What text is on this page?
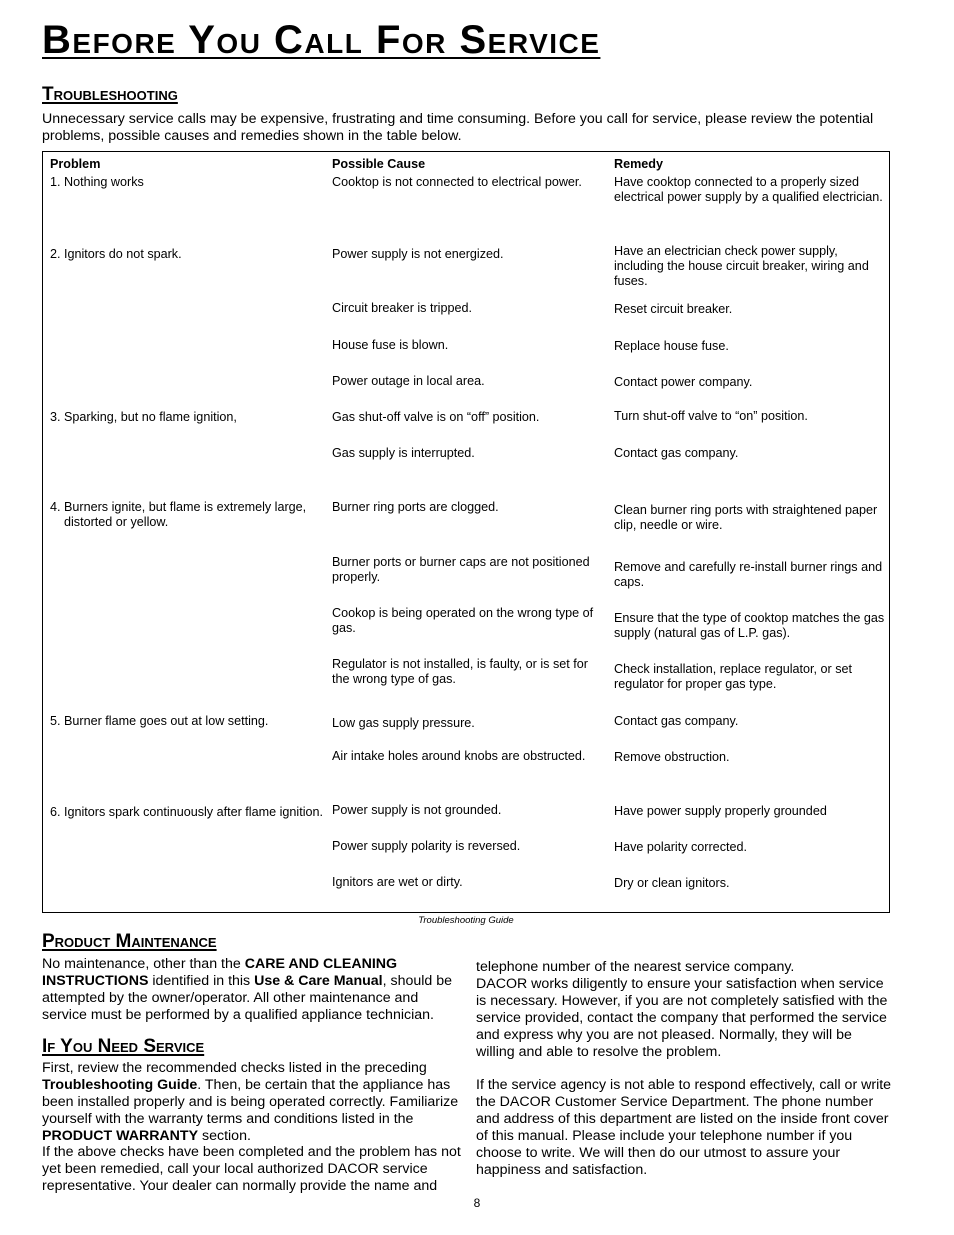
Before You Call For Service
Troubleshooting

Unnecessary service calls may be expensive, frustrating and time consuming. Before you call for service, please review the potential problems, possible causes and remedies shown in the table below.

Problem	Possible Cause	Remedy
1. Nothing works
2. Ignitors do not spark.
3. Sparking, but no flame ignition,
4. Burners ignite, but flame is extremely large, distorted or yellow.
5. Burner flame goes out at low setting.
6. Ignitors spark continuously after flame ignition.
Cooktop is not connected to electrical power.
Power supply is not energized.
Circuit breaker is tripped.
House fuse is blown.
Power outage in local area.
Gas shut-off valve is on “off” position.
Gas supply is interrupted.
Burner ring ports are clogged.
Burner ports or burner caps are not positioned properly.
Cookop is being operated on the wrong type of gas.
Regulator is not installed, is faulty, or is set for the wrong type of gas.
Low gas supply pressure.
Air intake holes around knobs are obstructed.
Power supply is not grounded.
Power supply polarity is reversed.
Ignitors are wet or dirty.
Have cooktop connected to a properly sized electrical power supply by a qualified electrician.
Have an electrician check power supply, including the house circuit breaker, wiring and fuses.
Reset circuit breaker.
Replace house fuse.
Contact power company.
Turn shut-off valve to “on” position.
Contact gas company.
Clean burner ring ports with straightened paper clip, needle or wire.
Remove and carefully re-install burner rings and caps.
Ensure that the type of cooktop matches the gas supply (natural gas of L.P. gas).
Check installation, replace regulator, or set regulator for proper gas type.
Contact gas company.
Remove obstruction.
Have power supply properly grounded
Have polarity corrected.
Dry or clean ignitors.
Troubleshooting Guide
Product Maintenance

No maintenance, other than the CARE AND CLEANING INSTRUCTIONS identified in this Use & Care Manual, should be attempted by the owner/operator. All other maintenance and service must be performed by a qualified appliance technician.

If You Need Service

First, review the recommended checks listed in the preceding Troubleshooting Guide. Then, be certain that the appliance has been installed properly and is being operated correctly. Familiarize yourself with the warranty terms and conditions listed in the PRODUCT WARRANTY section.

If the above checks have been completed and the problem has not yet been remedied, call your local authorized DACOR service representative. Your dealer can normally provide the name and

telephone number of the nearest service company.

DACOR works diligently to ensure your satisfaction when service is necessary. However, if you are not completely satisfied with the service provided, contact the company that performed the service and express why you are not pleased. Normally, they will be willing and able to resolve the problem.

If the service agency is not able to respond effectively, call or write the DACOR Customer Service Department. The phone number and address of this department are listed on the inside front cover of this manual. Please include your telephone number if you choose to write. We will then do our utmost to assure your happiness and satisfaction.

8
